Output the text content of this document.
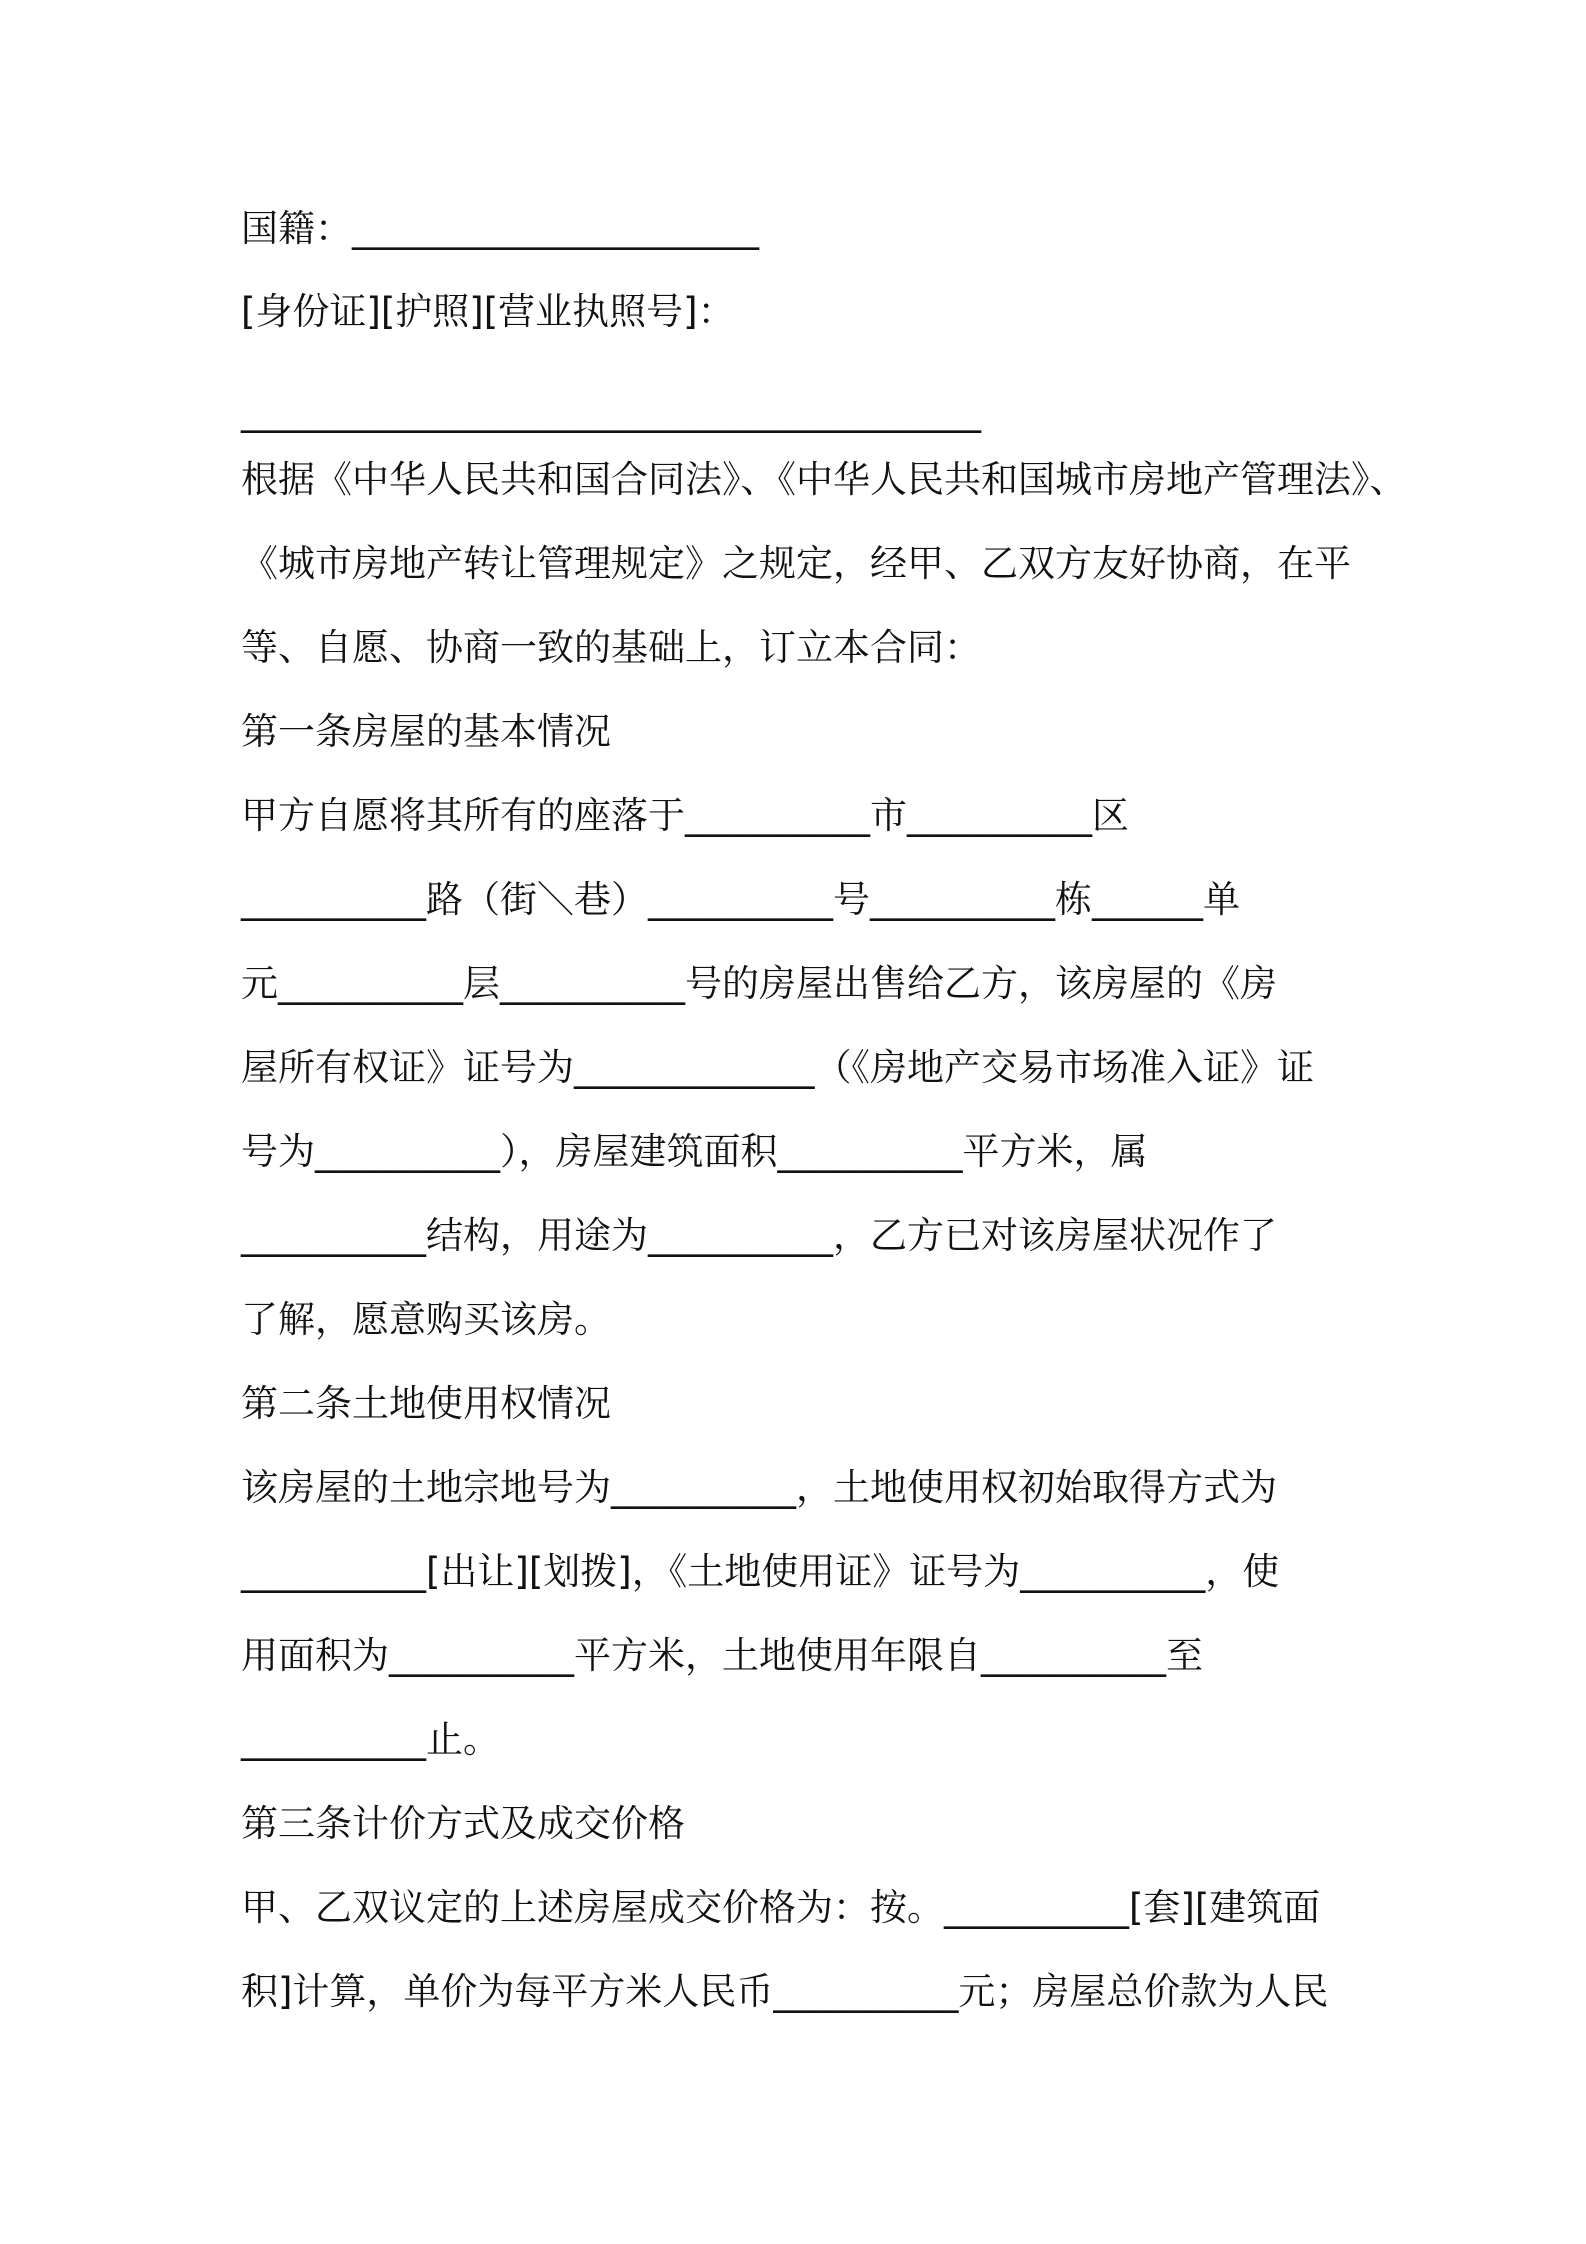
国籍：______________________
[身份证][护照][营业执照号]：
________________________________________
根据《中华人民共和国合同法》、《中华人民共和国城市房地产管理法》、
《城市房地产转让管理规定》之规定，经甲、乙双方友好协商，在平
等、自愿、协商一致的基础上，订立本合同：
第一条房屋的基本情况
甲方自愿将其所有的座落于__________市__________区
__________路（街＼巷）__________号__________栋______单
元__________层__________号的房屋出售给乙方，该房屋的《房
屋所有权证》证号为_____________（《房地产交易市场准入证》证
号为__________），房屋建筑面积__________平方米，属
__________结构，用途为__________，乙方已对该房屋状况作了
了解，愿意购买该房。
第二条土地使用权情况
该房屋的土地宗地号为__________，土地使用权初始取得方式为
__________[出让][划拨]，《土地使用证》证号为__________，使
用面积为__________平方米，土地使用年限自__________至
__________止。
第三条计价方式及成交价格
甲、乙双议定的上述房屋成交价格为：按。__________[套][建筑面
积]计算，单价为每平方米人民币__________元；房屋总价款为人民
